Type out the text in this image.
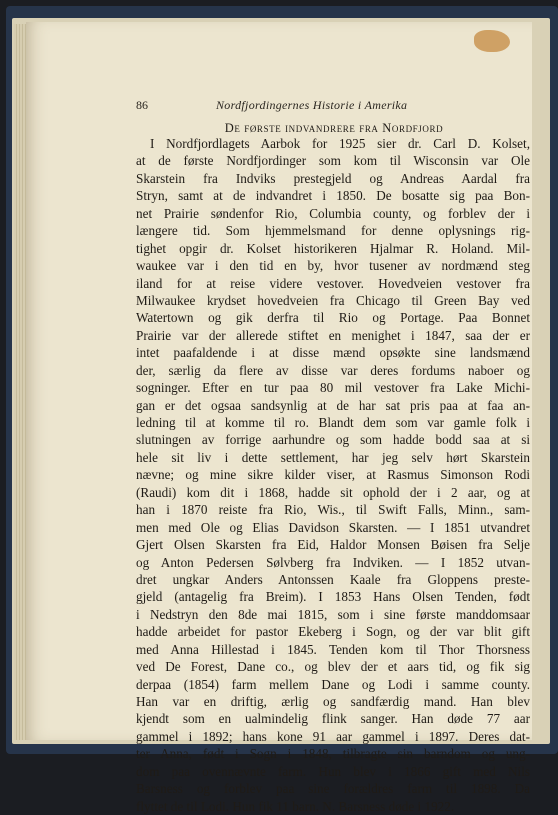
86	Nordfjordingernes Historie i Amerika
De første indvandrere fra Nordfjord
I Nordfjordlagets Aarbok for 1925 sier dr. Carl D. Kolset,
at de første Nordfjordinger som kom til Wisconsin var Ole
Skarstein fra Indviks prestegjeld og Andreas Aardal fra
Stryn, samt at de indvandret i 1850. De bosatte sig paa Bon-
net Prairie søndenfor Rio, Columbia county, og forblev der i
længere tid. Som hjemmelsmand for denne oplysnings rig-
tighet opgir dr. Kolset historikeren Hjalmar R. Holand. Mil-
waukee var i den tid en by, hvor tusener av nordmænd steg
iland for at reise videre vestover. Hovedveien vestover fra
Milwaukee krydset hovedveien fra Chicago til Green Bay ved
Watertown og gik derfra til Rio og Portage. Paa Bonnet
Prairie var der allerede stiftet en menighet i 1847, saa der er
intet paafaldende i at disse mænd opsøkte sine landsmænd
der, særlig da flere av disse var deres fordums naboer og
sogninger. Efter en tur paa 80 mil vestover fra Lake Michi-
gan er det ogsaa sandsynlig at de har sat pris paa at faa an-
ledning til at komme til ro. Blandt dem som var gamle folk i
slutningen av forrige aarhundre og som hadde bodd saa at si
hele sit liv i dette settlement, har jeg selv hørt Skarstein
nævne; og mine sikre kilder viser, at Rasmus Simonson Rodi
(Raudi) kom dit i 1868, hadde sit ophold der i 2 aar, og at
han i 1870 reiste fra Rio, Wis., til Swift Falls, Minn., sam-
men med Ole og Elias Davidson Skarsten. — I 1851 utvandret
Gjert Olsen Skarsten fra Eid, Haldor Monsen Bøisen fra Selje
og Anton Pedersen Sølvberg fra Indviken. — I 1852 utvan-
dret ungkar Anders Antonssen Kaale fra Gloppens preste-
gjeld (antagelig fra Breim). I 1853 Hans Olsen Tenden, født
i Nedstryn den 8de mai 1815, som i sine første manddomsaar
hadde arbeidet for pastor Ekeberg i Sogn, og der var blit gift
med Anna Hillestad i 1845. Tenden kom til Thor Thorsness
ved De Forest, Dane co., og blev der et aars tid, og fik sig
derpaa (1854) farm mellem Dane og Lodi i samme county.
Han var en driftig, ærlig og sandfærdig mand. Han blev
kjendt som en ualmindelig flink sanger. Han døde 77 aar
gammel i 1892; hans kone 91 aar gammel i 1897. Deres dat-
ter Anna, født i Sogn i 1848, tilbragte sin barndom og ung-
dom paa ovennævnte farm. Hun blev i 1866 gift med Nils
Barsness og forblev paa sine forældres farm til 1898. Da
flyttet de til Lodi. Hun fik 11 barn. N. Barsness døde i 1922.
